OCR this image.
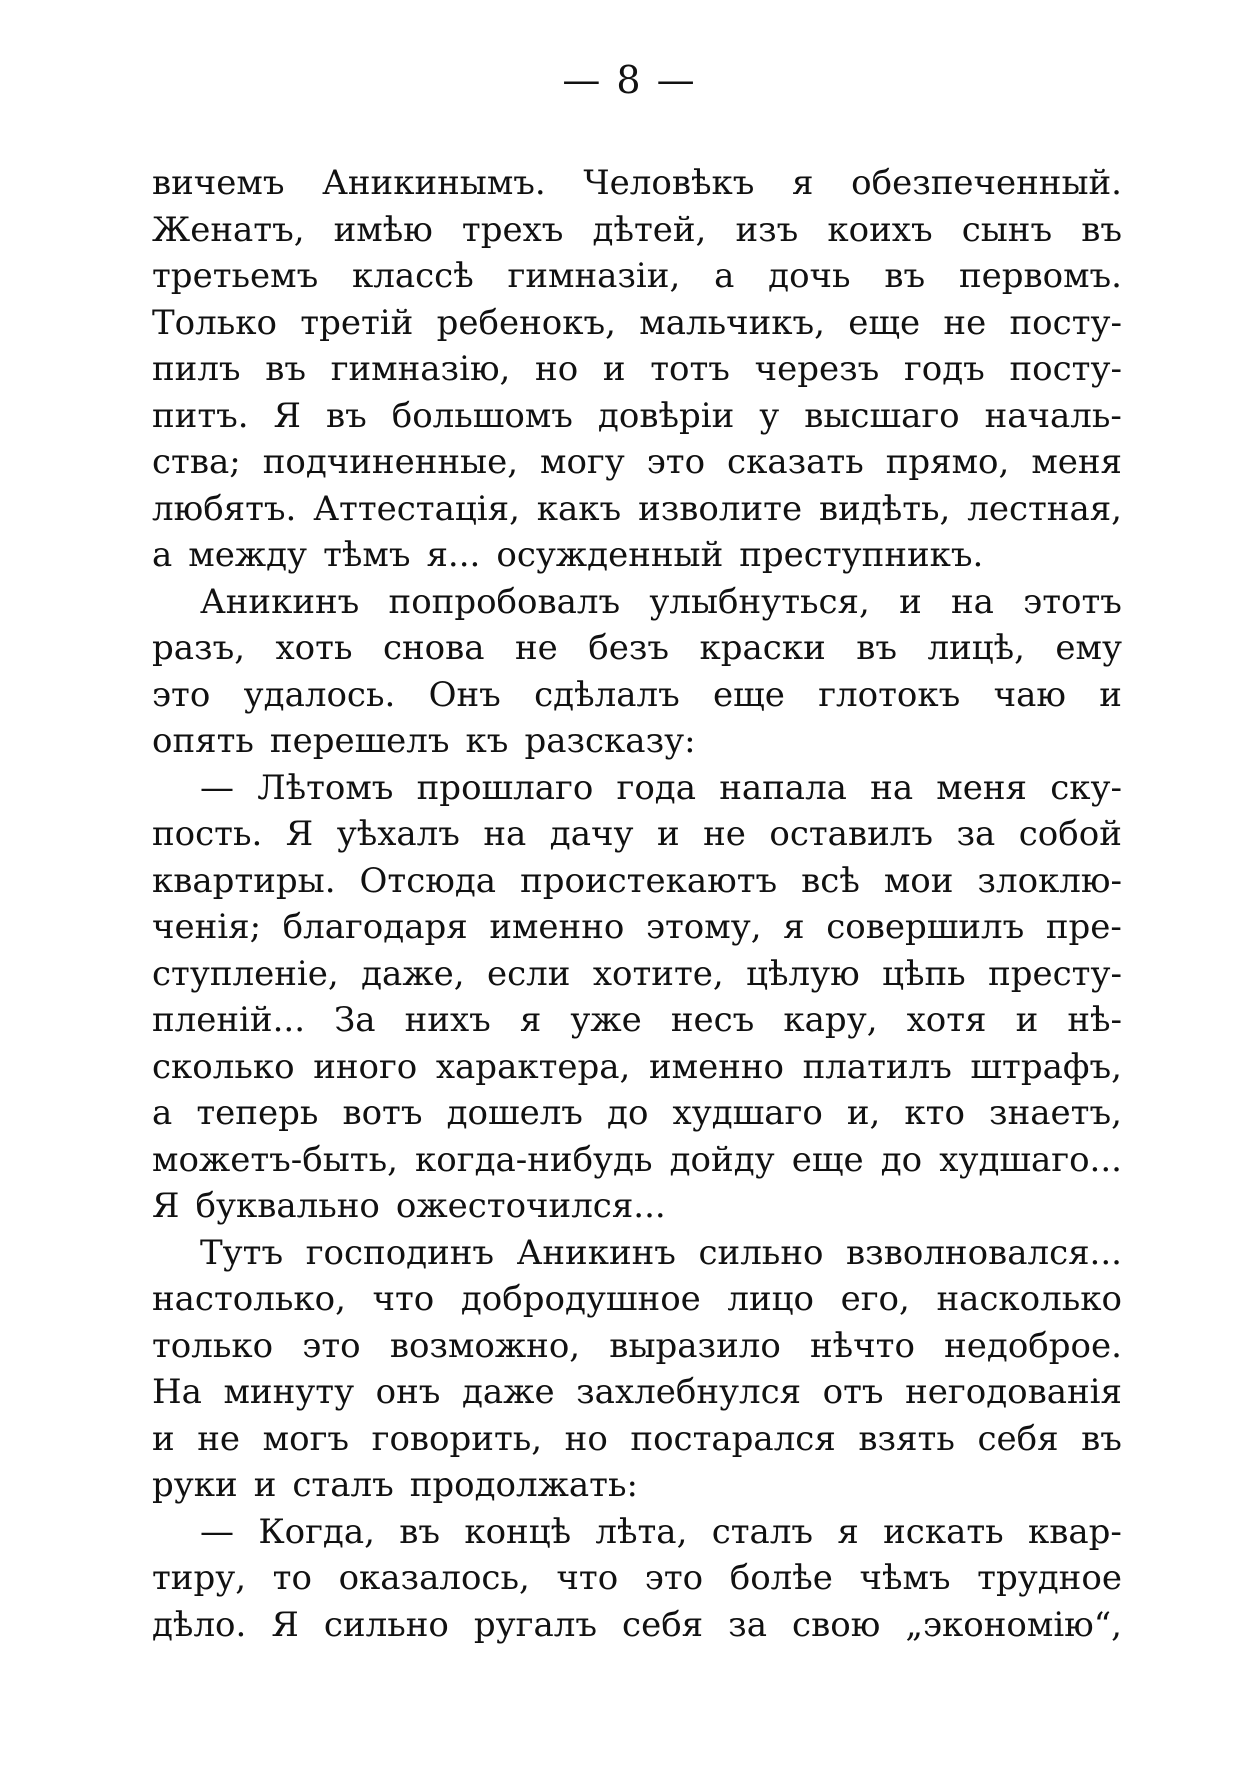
— 8 —
вичемъ Аникинымъ. Человѣкъ я обезпеченный.
Женатъ, имѣю трехъ дѣтей, изъ коихъ сынъ въ
третьемъ классѣ гимназіи, а дочь въ первомъ.
Только третій ребенокъ, мальчикъ, еще не посту-
пилъ въ гимназію, но и тотъ черезъ годъ посту-
питъ. Я въ большомъ довѣріи у высшаго началь-
ства; подчиненные, могу это сказать прямо, меня
любятъ. Аттестація, какъ изволите видѣть, лестная,
а между тѣмъ я... осужденный преступникъ.
Аникинъ попробовалъ улыбнуться, и на этотъ
разъ, хоть снова не безъ краски въ лицѣ, ему
это удалось. Онъ сдѣлалъ еще глотокъ чаю и
опять перешелъ къ разсказу:
— Лѣтомъ прошлаго года напала на меня ску-
пость. Я уѣхалъ на дачу и не оставилъ за собой
квартиры. Отсюда проистекаютъ всѣ мои злоклю-
ченія; благодаря именно этому, я совершилъ пре-
ступленіе, даже, если хотите, цѣлую цѣпь престу-
пленій... За нихъ я уже несъ кару, хотя и нѣ-
сколько иного характера, именно платилъ штрафъ,
а теперь вотъ дошелъ до худшаго и, кто знаетъ,
можетъ-быть, когда-нибудь дойду еще до худшаго...
Я буквально ожесточился...
Тутъ господинъ Аникинъ сильно взволновался...
настолько, что добродушное лицо его, насколько
только это возможно, выразило нѣчто недоброе.
На минуту онъ даже захлебнулся отъ негодованія
и не могъ говорить, но постарался взять себя въ
руки и сталъ продолжать:
— Когда, въ концѣ лѣта, сталъ я искать квар-
тиру, то оказалось, что это болѣе чѣмъ трудное
дѣло. Я сильно ругалъ себя за свою „экономію“,
